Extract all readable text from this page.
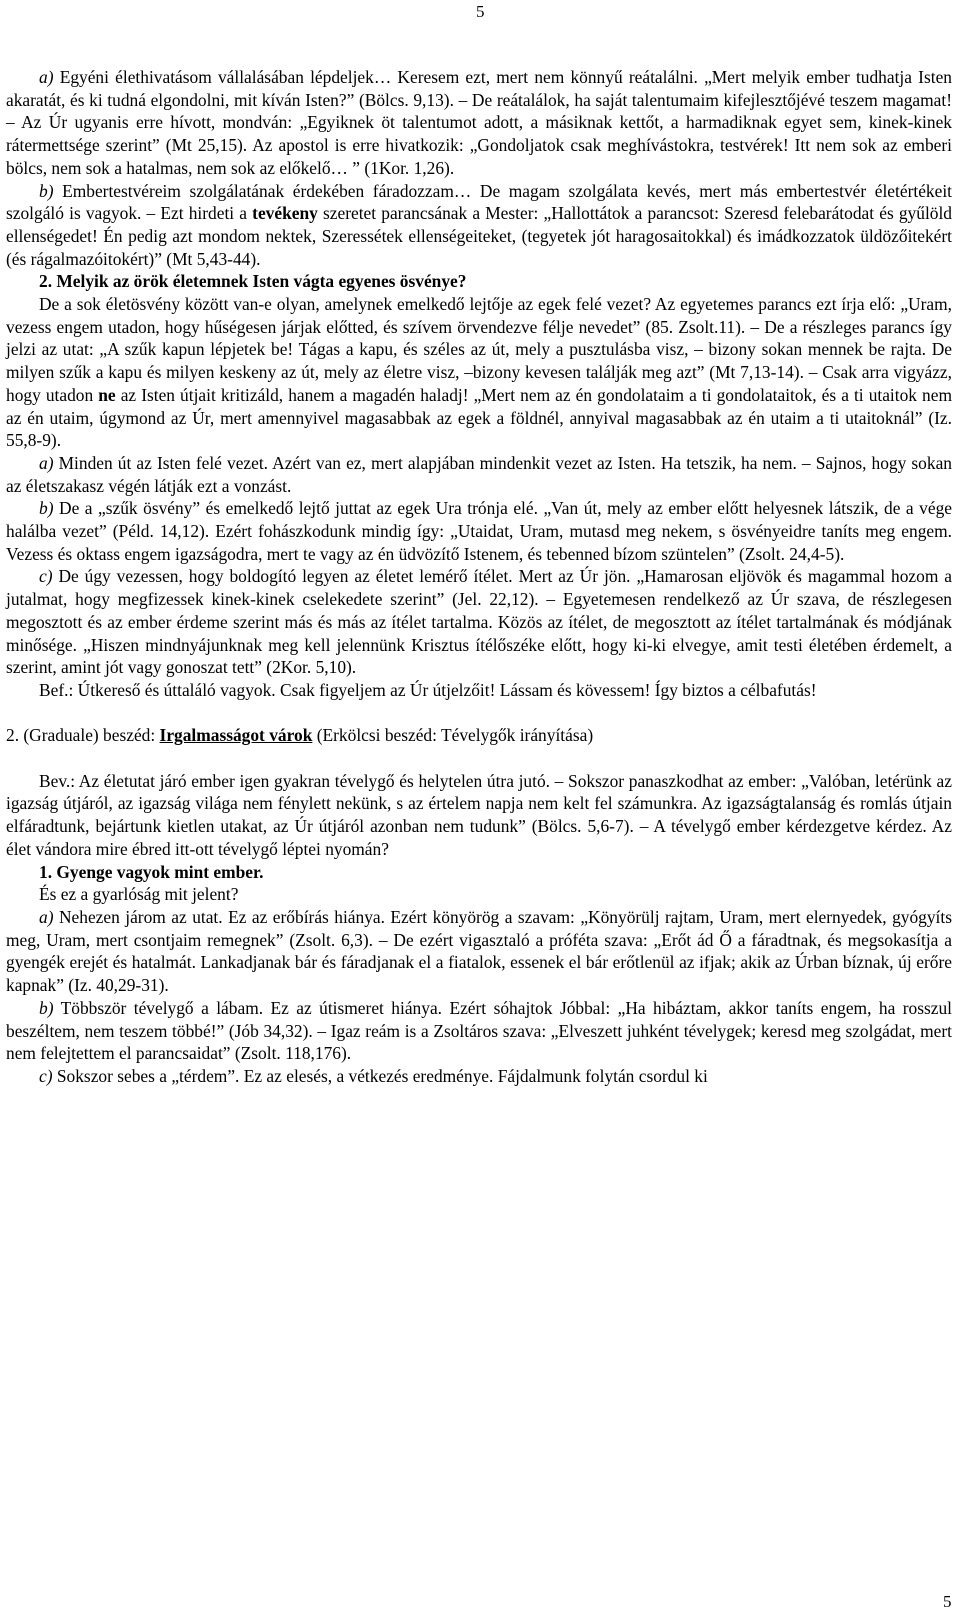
5

a) Egyéni élethivatásom vállalásában lépdeljek… Keresem ezt, mert nem könnyű reátalálni. „Mert melyik ember tudhatja Isten akaratát, és ki tudná elgondolni, mit kíván Isten?” (Bölcs. 9,13). – De reátalálok, ha saját talentumaim kifejlesztőjévé teszem magamat! – Az Úr ugyanis erre hívott, mondván: „Egyiknek öt talentumot adott, a másiknak kettőt, a harmadiknak egyet sem, kinek-kinek rátermettsége szerint” (Mt 25,15). Az apostol is erre hivatkozik: „Gondoljatok csak meghívástokra, testvérek! Itt nem sok az emberi bölcs, nem sok a hatalmas, nem sok az előkelő… ” (1Kor. 1,26).

b) Embertestvéreim szolgálatának érdekében fáradozzam… De magam szolgálata kevés, mert más embertestvér életértékeit szolgáló is vagyok. – Ezt hirdeti a tevékeny szeretet parancsának a Mester: „Hallottátok a parancsot: Szeresd felebarátodat és gyűlöld ellenségedet! Én pedig azt mondom nektek, Szeressétek ellenségeiteket, (tegyetek jót haragosaitokkal) és imádkozzatok üldözőitekért (és rágalmazóitokért)” (Mt 5,43-44).

2. Melyik az örök életemnek Isten vágta egyenes ösvénye?

De a sok életösvény között van-e olyan, amelynek emelkedő lejtője az egek felé vezet? Az egyetemes parancs ezt írja elő: „Uram, vezess engem utadon, hogy hűségesen járjak előtted, és szívem örvendezve félje nevedet” (85. Zsolt.11). – De a részleges parancs így jelzi az utat: „A szűk kapun lépjetek be! Tágas a kapu, és széles az út, mely a pusztulásba visz, – bizony sokan mennek be rajta. De milyen szűk a kapu és milyen keskeny az út, mely az életre visz, –bizony kevesen találják meg azt” (Mt 7,13-14). – Csak arra vigyázz, hogy utadon ne az Isten útjait kritizáld, hanem a magadén haladj! „Mert nem az én gondolataim a ti gondolataitok, és a ti utaitok nem az én utaim, úgymond az Úr, mert amennyivel magasabbak az egek a földnél, annyival magasabbak az én utaim a ti utaitoknál” (Iz. 55,8-9).

a) Minden út az Isten felé vezet. Azért van ez, mert alapjában mindenkit vezet az Isten. Ha tetszik, ha nem. – Sajnos, hogy sokan az életszakasz végén látják ezt a vonzást.

b) De a „szűk ösvény” és emelkedő lejtő juttat az egek Ura trónja elé. „Van út, mely az ember előtt helyesnek látszik, de a vége halálba vezet” (Péld. 14,12). Ezért fohászkodunk mindig így: „Utaidat, Uram, mutasd meg nekem, s ösvényeidre taníts meg engem. Vezess és oktass engem igazságodra, mert te vagy az én üdvözítő Istenem, és tebenned bízom szüntelen” (Zsolt. 24,4-5).

c) De úgy vezessen, hogy boldogító legyen az életet lemérő ítélet. Mert az Úr jön. „Hamarosan eljövök és magammal hozom a jutalmat, hogy megfizessek kinek-kinek cselekedete szerint” (Jel. 22,12). – Egyetemesen rendelkező az Úr szava, de részlegesen megosztott és az ember érdeme szerint más és más az ítélet tartalma. Közös az ítélet, de megosztott az ítélet tartalmának és módjának minősége. „Hiszen mindnyájunknak meg kell jelennünk Krisztus ítélőszéke előtt, hogy ki-ki elvegye, amit testi életében érdemelt, a szerint, amint jót vagy gonoszat tett” (2Kor. 5,10).

Bef.: Útkereső és úttaláló vagyok. Csak figyeljem az Úr útjelzőit! Lássam és kövessem! Így biztos a célbafutás!

2. (Graduale) beszéd: Irgalmasságot várok (Erkölcsi beszéd: Tévelygők irányítása)

Bev.: Az életutat járó ember igen gyakran tévelygő és helytelen útra jutó. – Sokszor panaszkodhat az ember: „Valóban, letérünk az igazság útjáról, az igazság világa nem fénylett nekünk, s az értelem napja nem kelt fel számunkra. Az igazságtalanság és romlás útjain elfáradtunk, bejártunk kietlen utakat, az Úr útjáról azonban nem tudunk” (Bölcs. 5,6-7). – A tévelygő ember kérdezgetve kérdez. Az élet vándora mire ébred itt-ott tévelygő léptei nyomán?

1. Gyenge vagyok mint ember.

És ez a gyarlóság mit jelent?

a) Nehezen járom az utat. Ez az erőbírás hiánya. Ezért könyörög a szavam: „Könyörülj rajtam, Uram, mert elernyedek, gyógyíts meg, Uram, mert csontjaim remegnek” (Zsolt. 6,3). – De ezért vigasztaló a próféta szava: „Erőt ád Ő a fáradtnak, és megsokasítja a gyengék erejét és hatalmát. Lankadjanak bár és fáradjanak el a fiatalok, essenek el bár erőtlenül az ifjak; akik az Úrban bíznak, új erőre kapnak” (Iz. 40,29-31).

b) Többször tévelygő a lábam. Ez az útismeret hiánya. Ezért sóhajtok Jóbbal: „Ha hibáztam, akkor taníts engem, ha rosszul beszéltem, nem teszem többé!” (Jób 34,32). – Igaz reám is a Zsoltáros szava: „Elveszett juhként tévelygek; keresd meg szolgádat, mert nem felejtettem el parancsaidat” (Zsolt. 118,176).

c) Sokszor sebes a „térdem”. Ez az elesés, a vétkezés eredménye. Fájdalmunk folytán csordul ki

5
